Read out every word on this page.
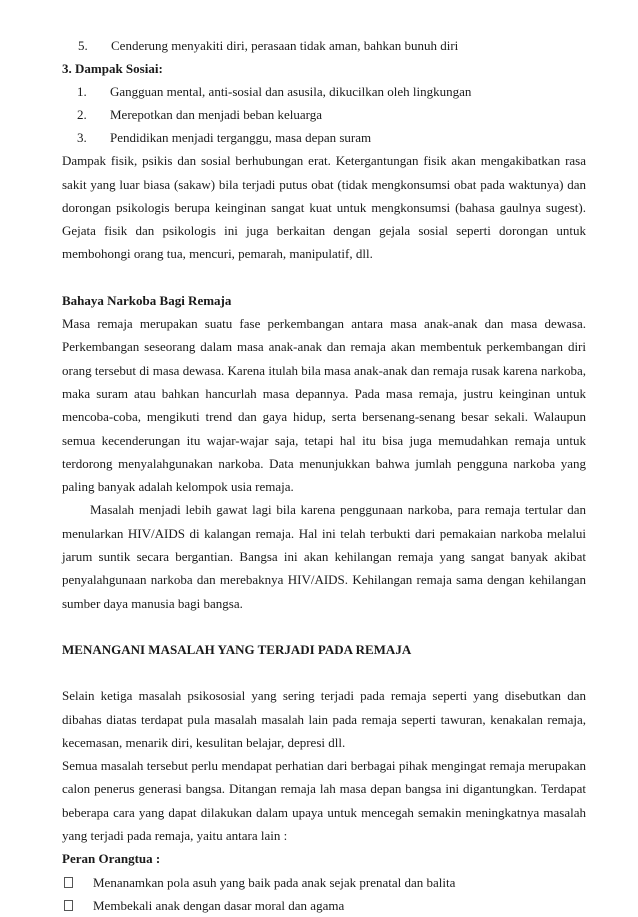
5.	Cenderung menyakiti diri, perasaan tidak aman, bahkan bunuh diri
3. Dampak Sosiai:
1.	Gangguan mental, anti-sosial dan asusila, dikucilkan oleh lingkungan
2.	Merepotkan dan menjadi beban keluarga
3.	Pendidikan menjadi terganggu, masa depan suram

Dampak fisik, psikis dan sosial berhubungan erat. Ketergantungan fisik akan mengakibatkan rasa sakit yang luar biasa (sakaw) bila terjadi putus obat (tidak mengkonsumsi obat pada waktunya) dan dorongan psikologis berupa keinginan sangat kuat untuk mengkonsumsi (bahasa gaulnya sugest). Gejata fisik dan psikologis ini juga berkaitan dengan gejala sosial seperti dorongan untuk membohongi orang tua, mencuri, pemarah, manipulatif, dll.

Bahaya Narkoba Bagi Remaja

Masa remaja merupakan suatu fase perkembangan antara masa anak-anak dan masa dewasa. Perkembangan seseorang dalam masa anak-anak dan remaja akan membentuk perkembangan diri orang tersebut di masa dewasa. Karena itulah bila masa anak-anak dan remaja rusak karena narkoba, maka suram atau bahkan hancurlah masa depannya. Pada masa remaja, justru keinginan untuk mencoba-coba, mengikuti trend dan gaya hidup, serta bersenang-senang besar sekali. Walaupun semua kecenderungan itu wajar-wajar saja, tetapi hal itu bisa juga memudahkan remaja untuk terdorong menyalahgunakan narkoba. Data menunjukkan bahwa jumlah pengguna narkoba yang paling banyak adalah kelompok usia remaja.

Masalah menjadi lebih gawat lagi bila karena penggunaan narkoba, para remaja tertular dan menularkan HIV/AIDS di kalangan remaja. Hal ini telah terbukti dari pemakaian narkoba melalui jarum suntik secara bergantian. Bangsa ini akan kehilangan remaja yang sangat banyak akibat penyalahgunaan narkoba dan merebaknya HIV/AIDS. Kehilangan remaja sama dengan kehilangan sumber daya manusia bagi bangsa.

MENANGANI MASALAH YANG TERJADI PADA REMAJA

Selain ketiga masalah psikososial yang sering terjadi pada remaja seperti yang disebutkan dan dibahas diatas terdapat pula masalah masalah lain pada remaja seperti tawuran, kenakalan remaja, kecemasan, menarik diri, kesulitan belajar, depresi dll.

Semua masalah tersebut perlu mendapat perhatian dari berbagai pihak mengingat remaja merupakan calon penerus generasi bangsa. Ditangan remaja lah masa depan bangsa ini digantungkan. Terdapat beberapa cara yang dapat dilakukan dalam upaya untuk mencegah semakin meningkatnya masalah yang terjadi pada remaja, yaitu antara lain :

Peran Orangtua :
Menanamkan pola asuh yang baik pada anak sejak prenatal dan balita
Membekali anak dengan dasar moral dan agama
